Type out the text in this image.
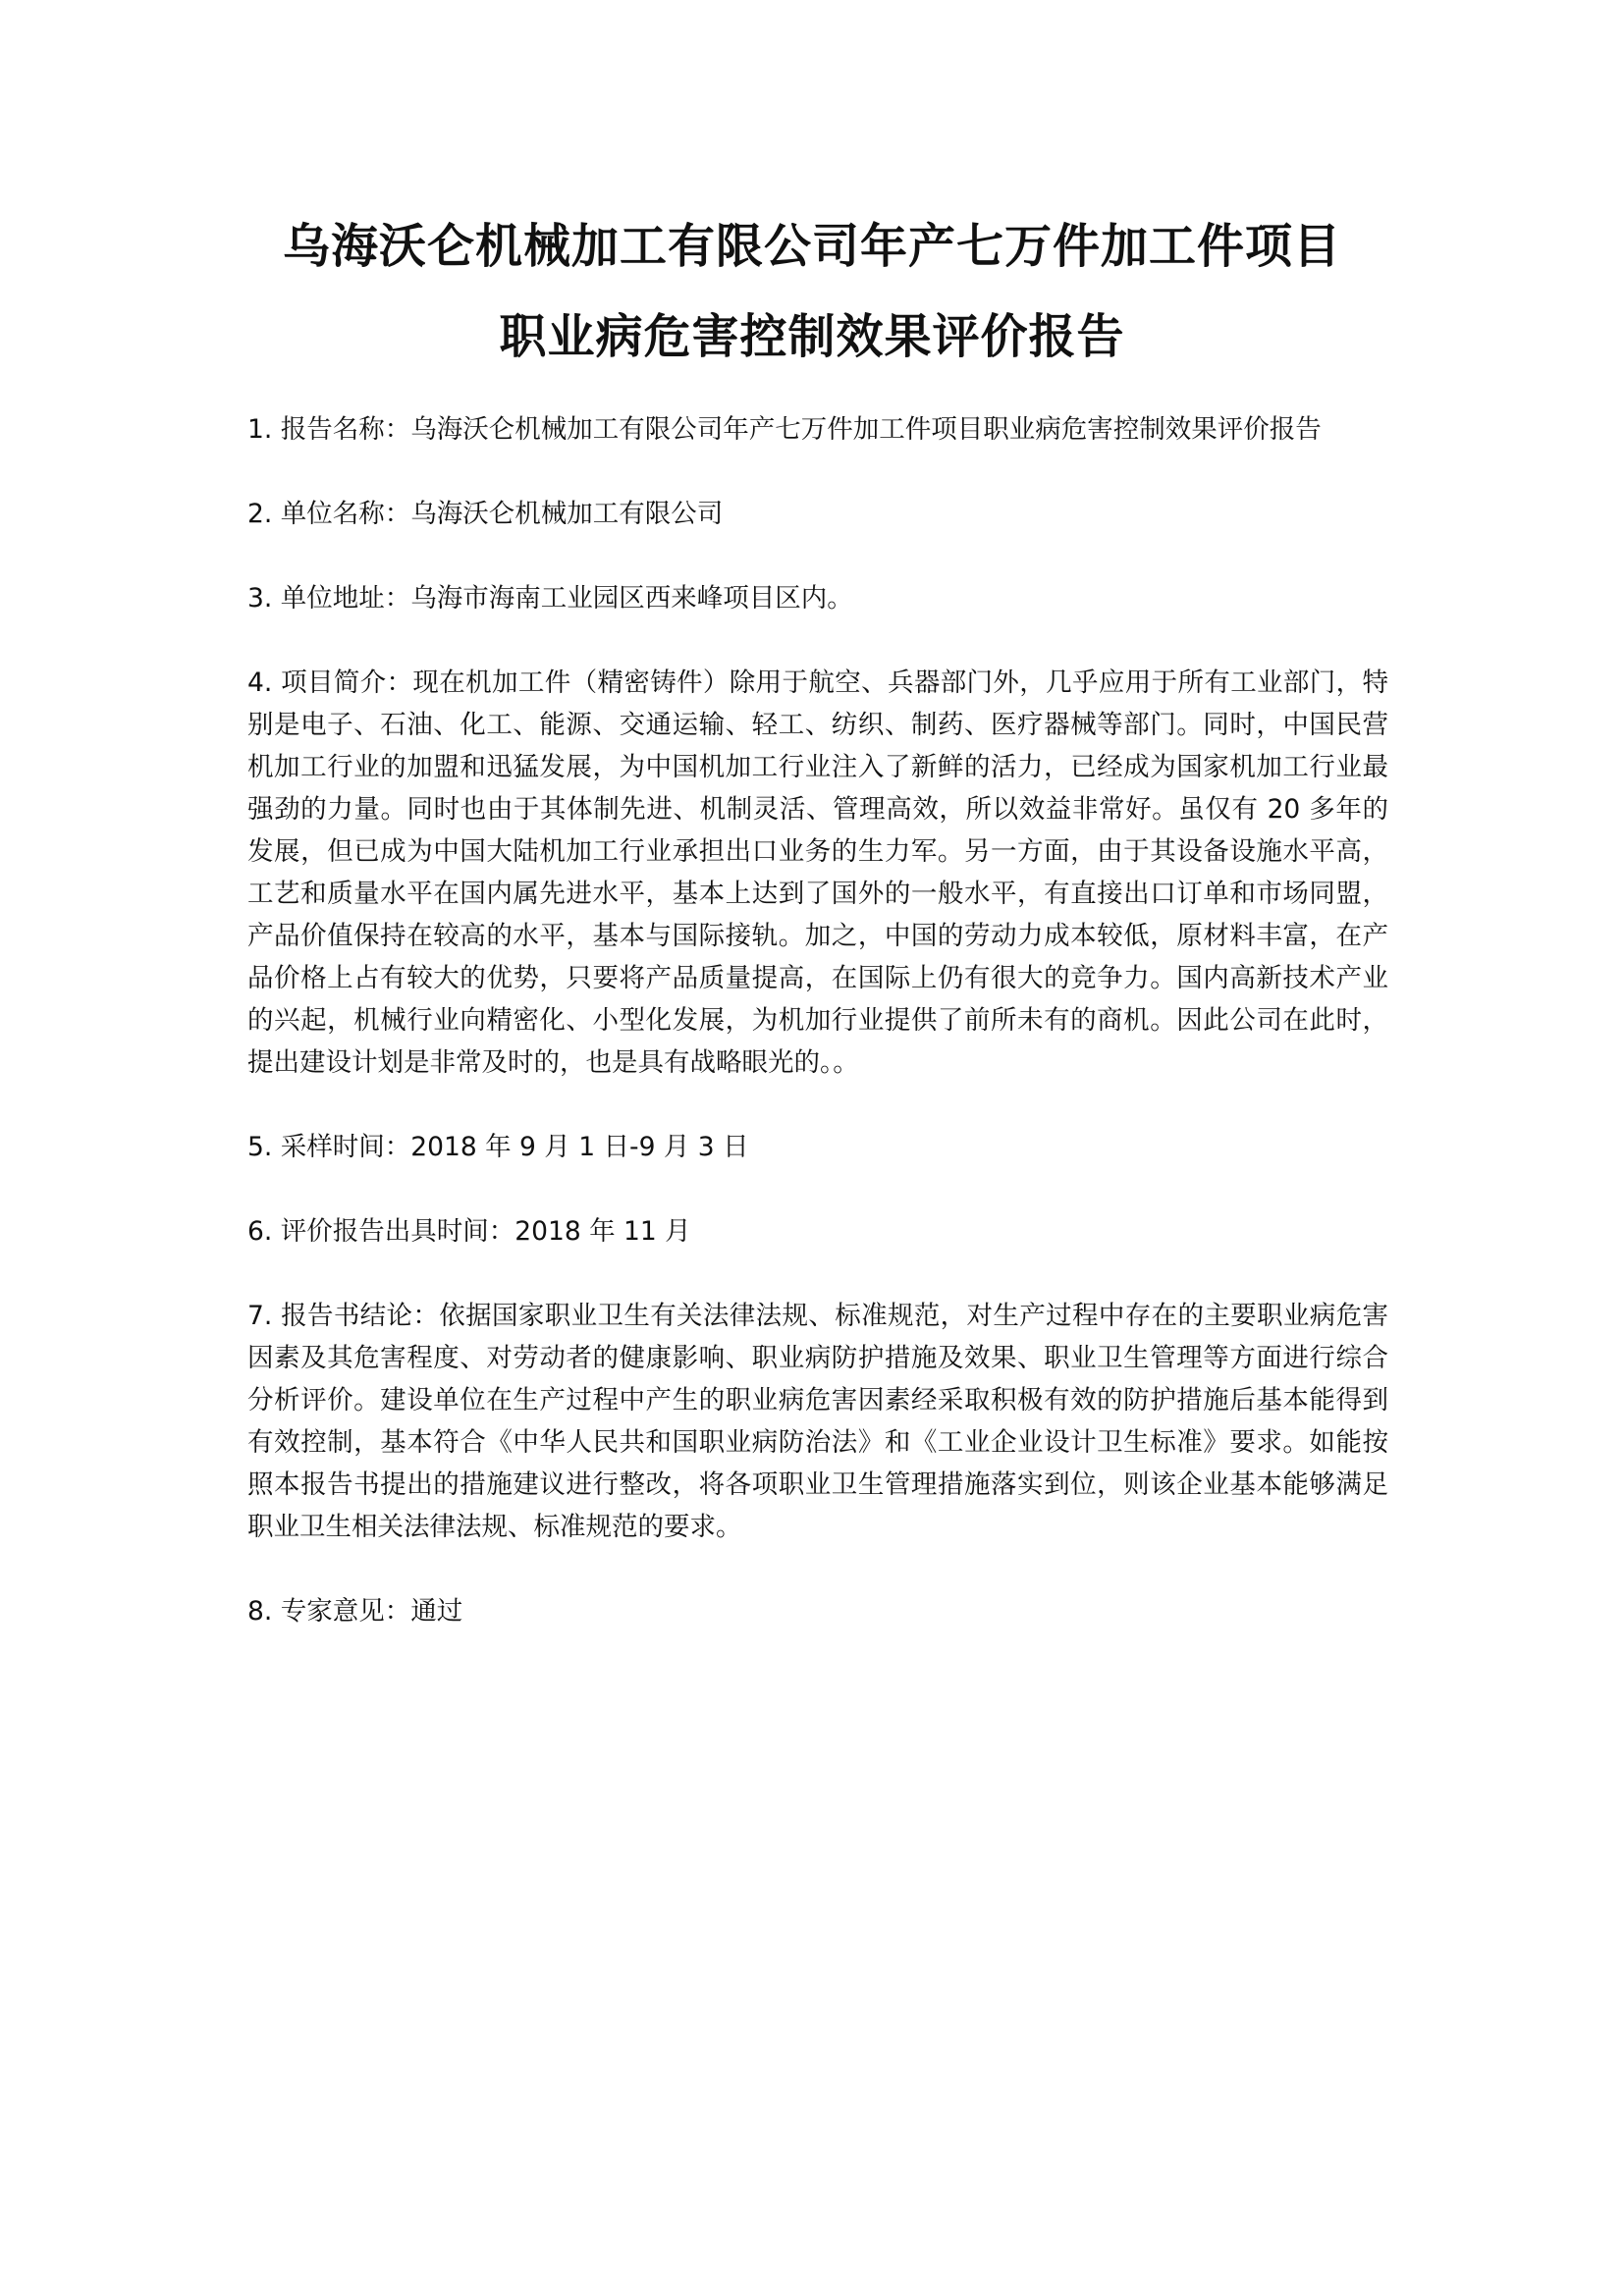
乌海沃仑机械加工有限公司年产七万件加工件项目
职业病危害控制效果评价报告

1. 报告名称：乌海沃仑机械加工有限公司年产七万件加工件项目职业病危害控制效果评价报告

2. 单位名称：乌海沃仑机械加工有限公司

3. 单位地址：乌海市海南工业园区西来峰项目区内。

4. 项目简介：现在机加工件（精密铸件）除用于航空、兵器部门外，几乎应用于所有工业部门，特别是电子、石油、化工、能源、交通运输、轻工、纺织、制药、医疗器械等部门。同时，中国民营机加工行业的加盟和迅猛发展，为中国机加工行业注入了新鲜的活力，已经成为国家机加工行业最强劲的力量。同时也由于其体制先进、机制灵活、管理高效，所以效益非常好。虽仅有 20 多年的发展，但已成为中国大陆机加工行业承担出口业务的生力军。另一方面，由于其设备设施水平高，工艺和质量水平在国内属先进水平，基本上达到了国外的一般水平，有直接出口订单和市场同盟，产品价值保持在较高的水平，基本与国际接轨。加之，中国的劳动力成本较低，原材料丰富，在产品价格上占有较大的优势，只要将产品质量提高，在国际上仍有很大的竞争力。国内高新技术产业的兴起，机械行业向精密化、小型化发展，为机加行业提供了前所未有的商机。因此公司在此时，提出建设计划是非常及时的，也是具有战略眼光的。。

5. 采样时间：2018 年 9 月 1 日-9 月 3 日

6. 评价报告出具时间：2018 年 11 月

7. 报告书结论：依据国家职业卫生有关法律法规、标准规范，对生产过程中存在的主要职业病危害因素及其危害程度、对劳动者的健康影响、职业病防护措施及效果、职业卫生管理等方面进行综合分析评价。建设单位在生产过程中产生的职业病危害因素经采取积极有效的防护措施后基本能得到有效控制，基本符合《中华人民共和国职业病防治法》和《工业企业设计卫生标准》要求。如能按照本报告书提出的措施建议进行整改，将各项职业卫生管理措施落实到位，则该企业基本能够满足职业卫生相关法律法规、标准规范的要求。

8. 专家意见：通过
